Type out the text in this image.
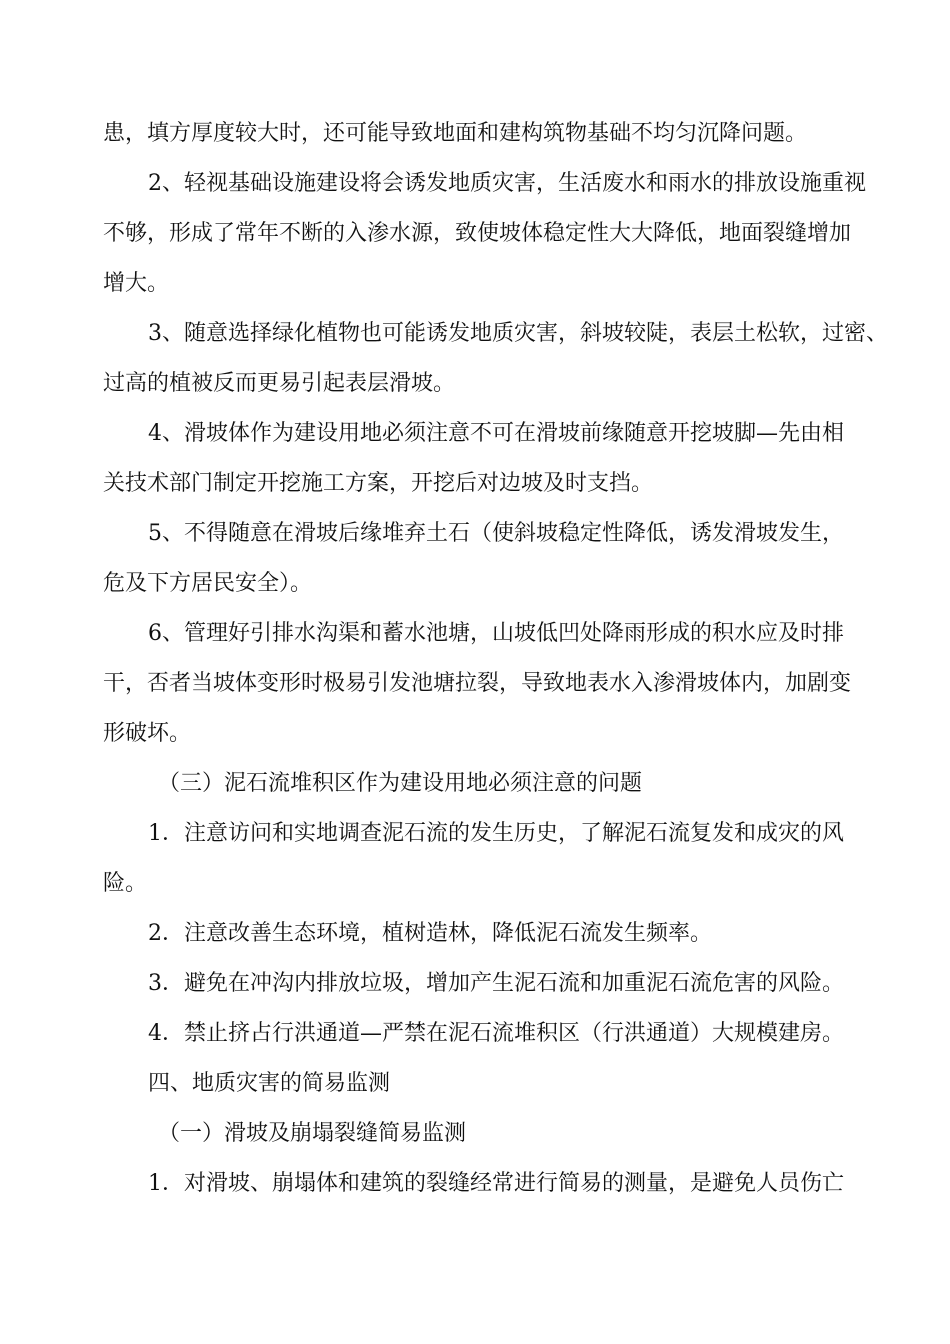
患，填方厚度较大时，还可能导致地面和建构筑物基础不均匀沉降问题。
2、轻视基础设施建设将会诱发地质灾害，生活废水和雨水的排放设施重视
不够，形成了常年不断的入渗水源，致使坡体稳定性大大降低，地面裂缝增加
增大。
3、随意选择绿化植物也可能诱发地质灾害，斜坡较陡，表层土松软，过密、
过高的植被反而更易引起表层滑坡。
4、滑坡体作为建设用地必须注意不可在滑坡前缘随意开挖坡脚—先由相
关技术部门制定开挖施工方案，开挖后对边坡及时支挡。
5、不得随意在滑坡后缘堆弃土石（使斜坡稳定性降低，诱发滑坡发生，
危及下方居民安全）。
6、管理好引排水沟渠和蓄水池塘，山坡低凹处降雨形成的积水应及时排
干，否者当坡体变形时极易引发池塘拉裂，导致地表水入渗滑坡体内，加剧变
形破坏。
（三）泥石流堆积区作为建设用地必须注意的问题
1．注意访问和实地调查泥石流的发生历史，了解泥石流复发和成灾的风
险。
2．注意改善生态环境，植树造林，降低泥石流发生频率。
3．避免在冲沟内排放垃圾，增加产生泥石流和加重泥石流危害的风险。
4．禁止挤占行洪通道—严禁在泥石流堆积区（行洪通道）大规模建房。
四、地质灾害的简易监测
（一）滑坡及崩塌裂缝简易监测
1．对滑坡、崩塌体和建筑的裂缝经常进行简易的测量，是避免人员伤亡
